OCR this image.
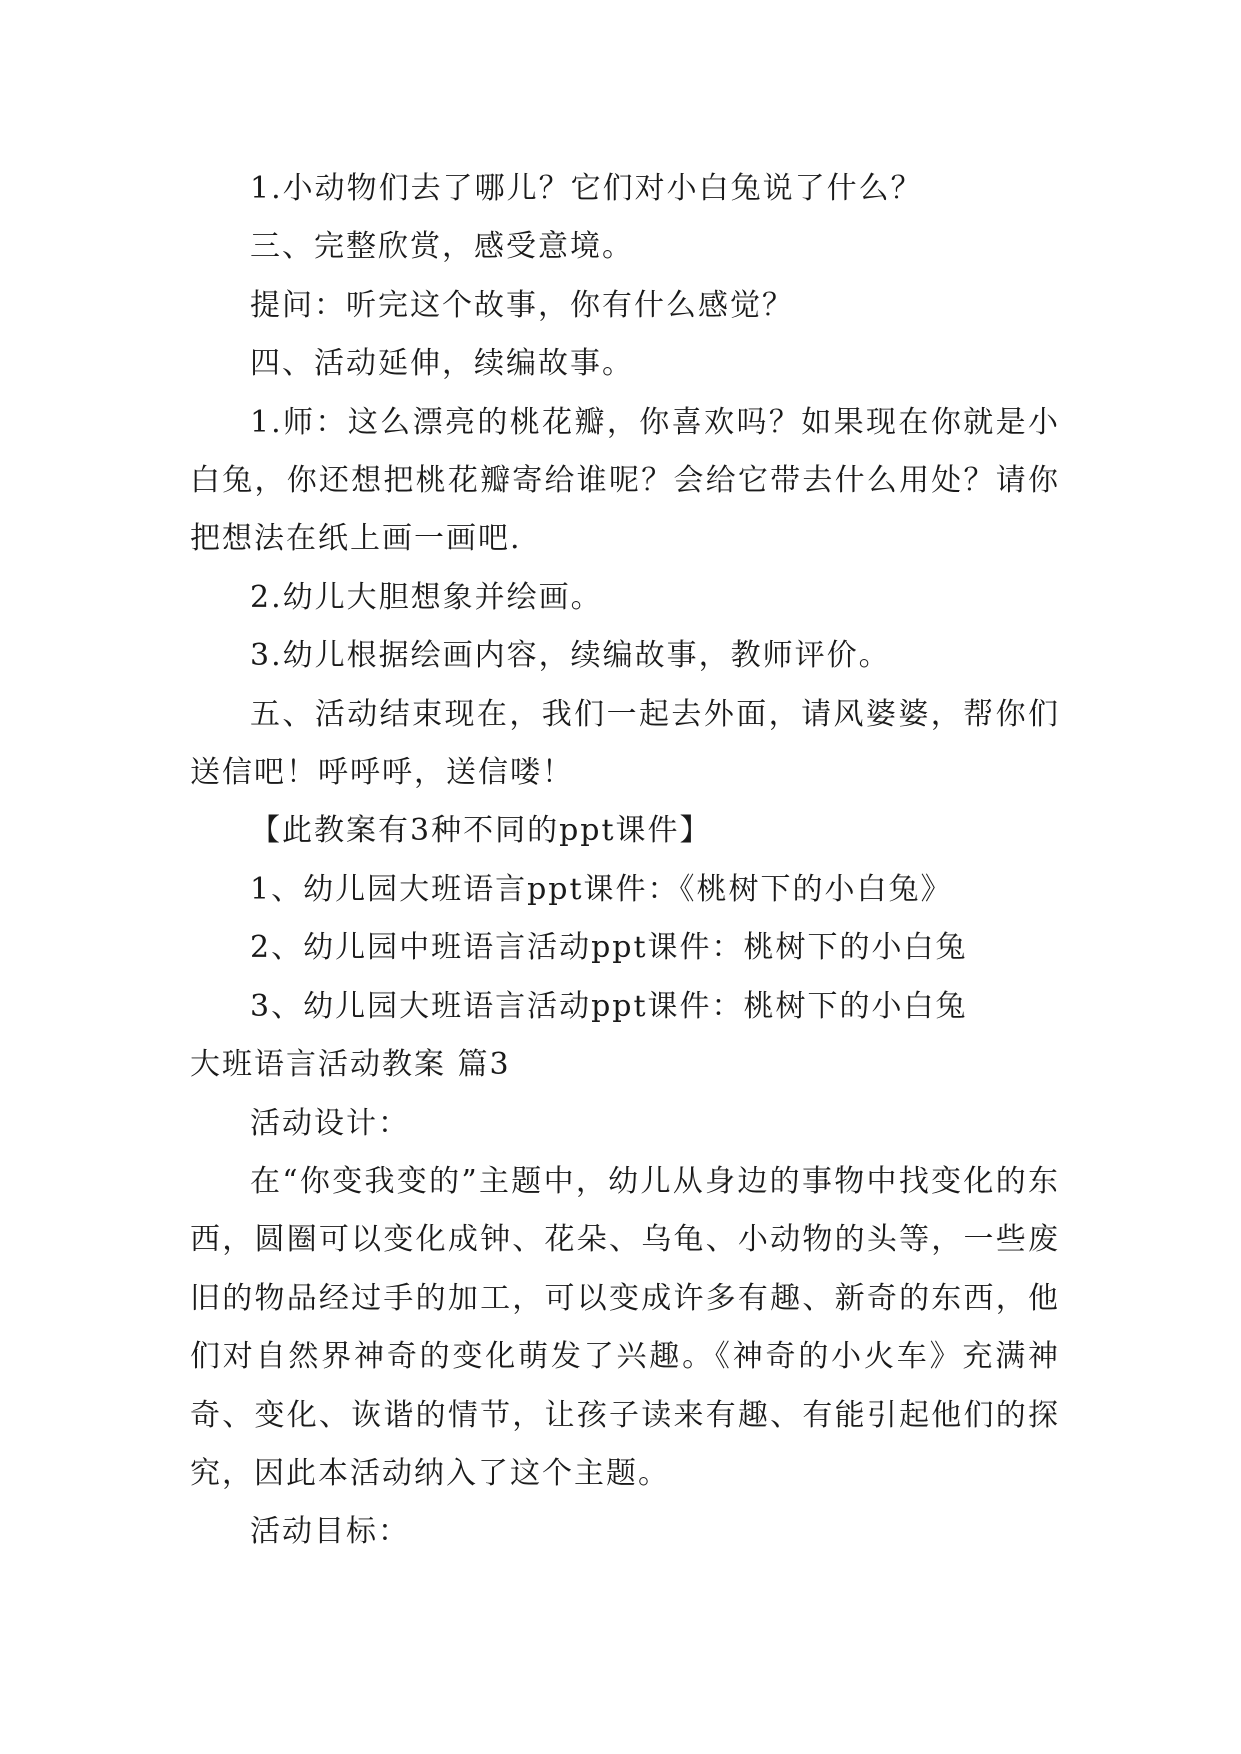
1.小动物们去了哪儿？它们对小白兔说了什么？

三、完整欣赏，感受意境。

提问：听完这个故事，你有什么感觉？

四、活动延伸，续编故事。

1.师：这么漂亮的桃花瓣，你喜欢吗？如果现在你就是小白兔，你还想把桃花瓣寄给谁呢？会给它带去什么用处？请你把想法在纸上画一画吧.

2.幼儿大胆想象并绘画。

3.幼儿根据绘画内容，续编故事，教师评价。

五、活动结束现在，我们一起去外面，请风婆婆，帮你们送信吧！呼呼呼，送信喽！

【此教案有3种不同的ppt课件】

1、幼儿园大班语言ppt课件：《桃树下的小白兔》

2、幼儿园中班语言活动ppt课件：桃树下的小白兔

3、幼儿园大班语言活动ppt课件：桃树下的小白兔

大班语言活动教案 篇3

活动设计：

在“你变我变的”主题中，幼儿从身边的事物中找变化的东西，圆圈可以变化成钟、花朵、乌龟、小动物的头等，一些废旧的物品经过手的加工，可以变成许多有趣、新奇的东西，他们对自然界神奇的变化萌发了兴趣。《神奇的小火车》充满神奇、变化、诙谐的情节，让孩子读来有趣、有能引起他们的探究，因此本活动纳入了这个主题。

活动目标：
